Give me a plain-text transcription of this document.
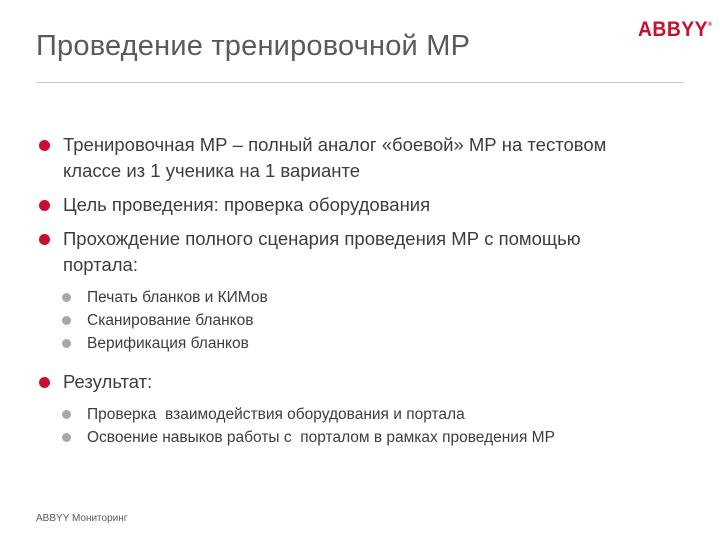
Проведение тренировочной МР
ABBYY®
Тренировочная МР – полный аналог «боевой» МР на тестовом классе из 1 ученика на 1 варианте
Цель проведения: проверка оборудования
Прохождение полного сценария проведения МР с помощью портала:
Печать бланков и КИМов
Сканирование бланков
Верификация бланков
Результат:
Проверка  взаимодействия оборудования и портала
Освоение навыков работы с  порталом в рамках проведения МР
ABBYY Мониторинг
